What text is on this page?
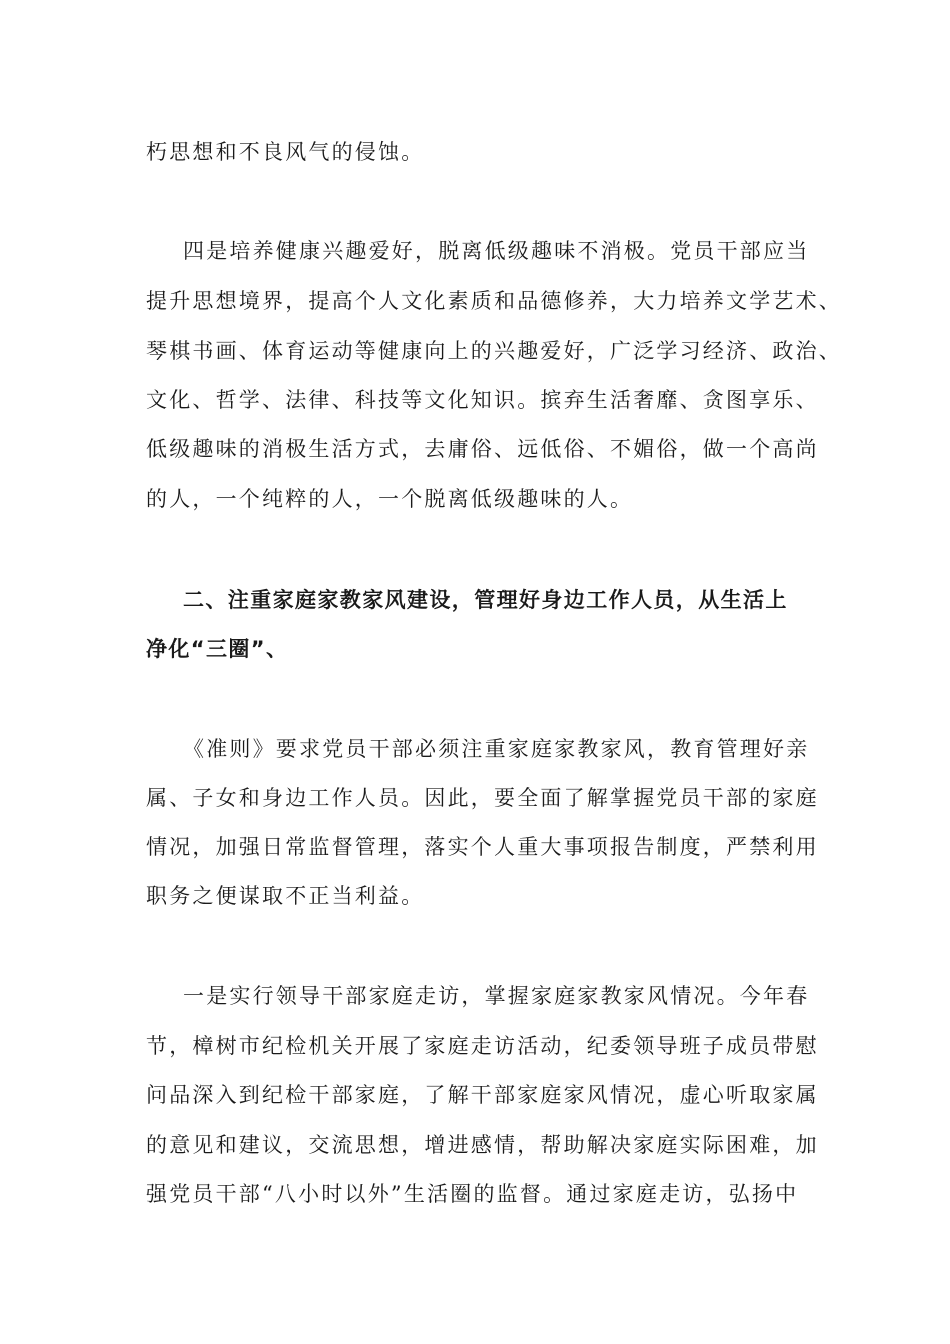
朽思想和不良风气的侵蚀。
四是培养健康兴趣爱好，脱离低级趣味不消极。党员干部应当
提升思想境界，提高个人文化素质和品德修养，大力培养文学艺术、
琴棋书画、体育运动等健康向上的兴趣爱好，广泛学习经济、政治、
文化、哲学、法律、科技等文化知识。摈弃生活奢靡、贪图享乐、
低级趣味的消极生活方式，去庸俗、远低俗、不媚俗，做一个高尚
的人，一个纯粹的人，一个脱离低级趣味的人。
二、注重家庭家教家风建设，管理好身边工作人员，从生活上
净化“三圈”、
《准则》要求党员干部必须注重家庭家教家风，教育管理好亲
属、子女和身边工作人员。因此，要全面了解掌握党员干部的家庭
情况，加强日常监督管理，落实个人重大事项报告制度，严禁利用
职务之便谋取不正当利益。
一是实行领导干部家庭走访，掌握家庭家教家风情况。今年春
节，樟树市纪检机关开展了家庭走访活动，纪委领导班子成员带慰
问品深入到纪检干部家庭，了解干部家庭家风情况，虚心听取家属
的意见和建议，交流思想，增进感情，帮助解决家庭实际困难，加
强党员干部“八小时以外”生活圈的监督。通过家庭走访，弘扬中
